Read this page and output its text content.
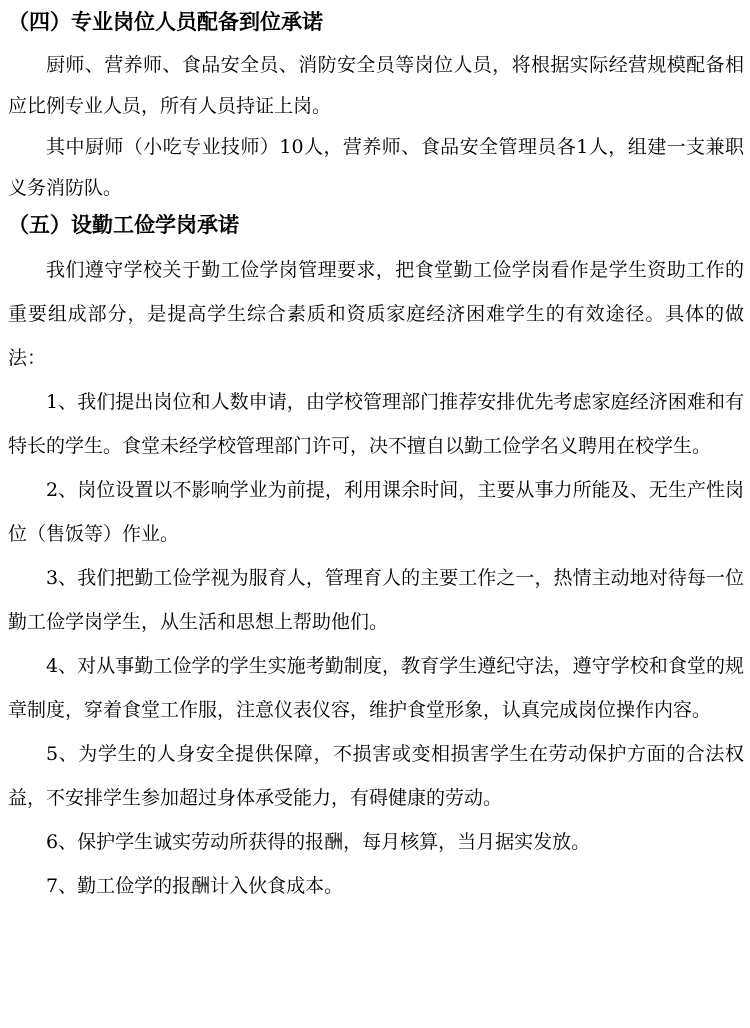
（四）专业岗位人员配备到位承诺

厨师、营养师、食品安全员、消防安全员等岗位人员，将根据实际经营规模配备相应比例专业人员，所有人员持证上岗。

其中厨师（小吃专业技师）10人，营养师、食品安全管理员各1人，组建一支兼职义务消防队。

（五）设勤工俭学岗承诺

我们遵守学校关于勤工俭学岗管理要求，把食堂勤工俭学岗看作是学生资助工作的重要组成部分，是提高学生综合素质和资质家庭经济困难学生的有效途径。具体的做法：

1、我们提出岗位和人数申请，由学校管理部门推荐安排优先考虑家庭经济困难和有特长的学生。食堂未经学校管理部门许可，决不擅自以勤工俭学名义聘用在校学生。

2、岗位设置以不影响学业为前提，利用课余时间，主要从事力所能及、无生产性岗位（售饭等）作业。

3、我们把勤工俭学视为服育人，管理育人的主要工作之一，热情主动地对待每一位勤工俭学岗学生，从生活和思想上帮助他们。

4、对从事勤工俭学的学生实施考勤制度，教育学生遵纪守法，遵守学校和食堂的规章制度，穿着食堂工作服，注意仪表仪容，维护食堂形象，认真完成岗位操作内容。

5、为学生的人身安全提供保障，不损害或变相损害学生在劳动保护方面的合法权益，不安排学生参加超过身体承受能力，有碍健康的劳动。

6、保护学生诚实劳动所获得的报酬，每月核算，当月据实发放。

7、勤工俭学的报酬计入伙食成本。
